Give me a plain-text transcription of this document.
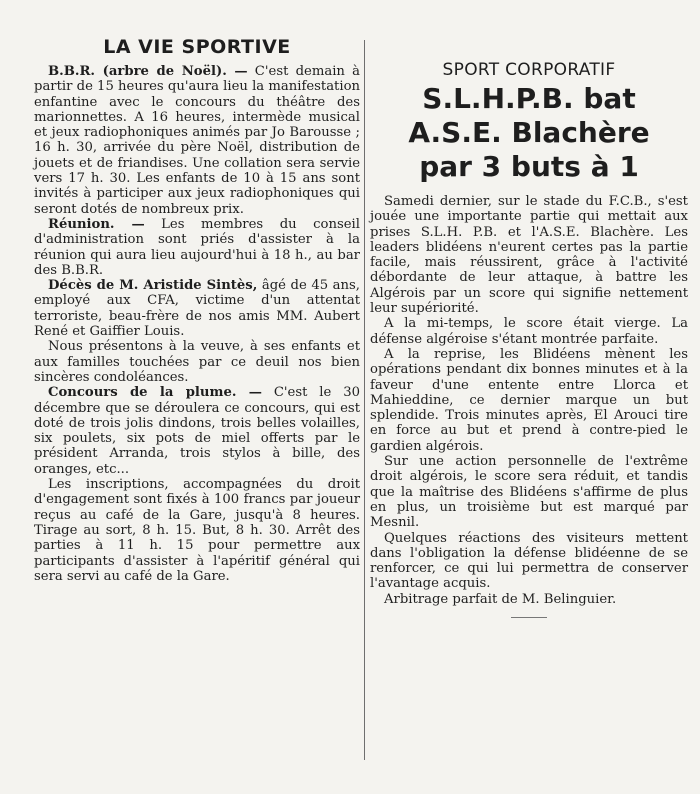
LA VIE SPORTIVE

B.B.R. (arbre de Noël). — C'est demain à partir de 15 heures qu'aura lieu la manifestation enfantine avec le concours du théâtre des marionnettes. A 16 heures, intermède musical et jeux radiophoniques animés par Jo Barousse ; 16 h. 30, arrivée du père Noël, distribution de jouets et de friandises. Une collation sera servie vers 17 h. 30. Les enfants de 10 à 15 ans sont invités à participer aux jeux radiophoniques qui seront dotés de nombreux prix.

Réunion. — Les membres du conseil d'administration sont priés d'assister à la réunion qui aura lieu aujourd'hui à 18 h., au bar des B.B.R.

Décès de M. Aristide Sintès, âgé de 45 ans, employé aux CFA, victime d'un attentat terroriste, beau-frère de nos amis MM. Aubert René et Gaiffier Louis.

Nous présentons à la veuve, à ses enfants et aux familles touchées par ce deuil nos bien sincères condoléances.

Concours de la plume. — C'est le 30 décembre que se déroulera ce concours, qui est doté de trois jolis dindons, trois belles volailles, six poulets, six pots de miel offerts par le président Arranda, trois stylos à bille, des oranges, etc...

Les inscriptions, accompagnées du droit d'engagement sont fixés à 100 francs par joueur reçus au café de la Gare, jusqu'à 8 heures. Tirage au sort, 8 h. 15. But, 8 h. 30. Arrêt des parties à 11 h. 15 pour permettre aux participants d'assister à l'apéritif général qui sera servi au café de la Gare.

SPORT CORPORATIF
S.L.H.P.B. bat
A.S.E. Blachère
par 3 buts à 1

Samedi dernier, sur le stade du F.C.B., s'est jouée une importante partie qui mettait aux prises S.L.H. P.B. et l'A.S.E. Blachère. Les leaders blidéens n'eurent certes pas la partie facile, mais réussirent, grâce à l'activité débordante de leur attaque, à battre les Algérois par un score qui signifie nettement leur supériorité.

A la mi-temps, le score était vierge. La défense algéroise s'étant montrée parfaite.

A la reprise, les Blidéens mènent les opérations pendant dix bonnes minutes et à la faveur d'une entente entre Llorca et Mahieddine, ce dernier marque un but splendide. Trois minutes après, El Arouci tire en force au but et prend à contre-pied le gardien algérois.

Sur une action personnelle de l'extrême droit algérois, le score sera réduit, et tandis que la maîtrise des Blidéens s'affirme de plus en plus, un troisième but est marqué par Mesnil.

Quelques réactions des visiteurs mettent dans l'obligation la défense blidéenne de se renforcer, ce qui lui permettra de conserver l'avantage acquis.

Arbitrage parfait de M. Belinguier.
